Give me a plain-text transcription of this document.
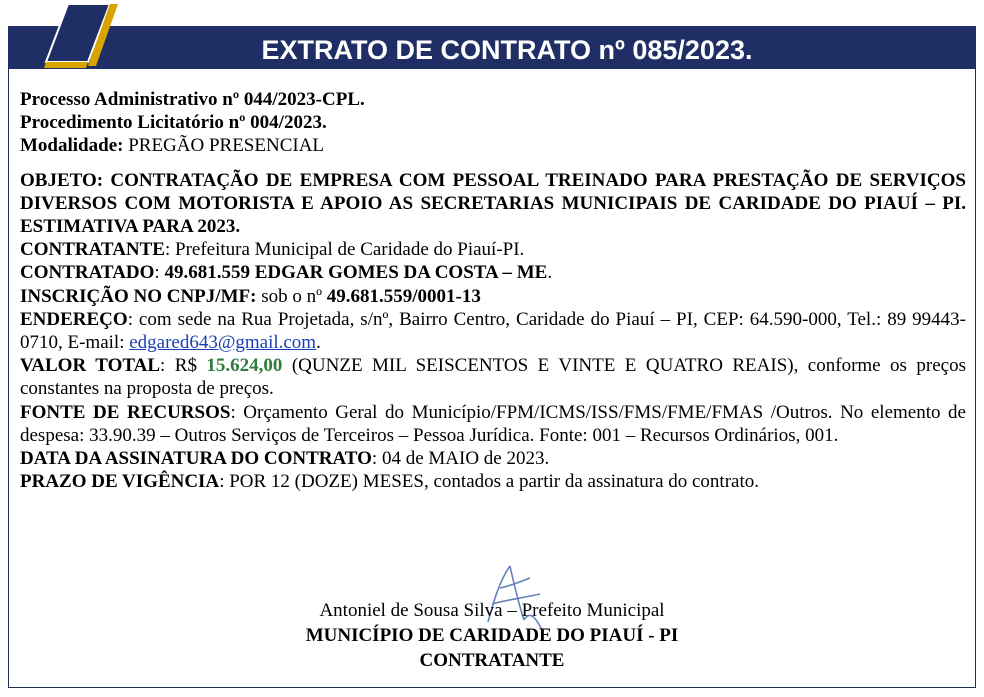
EXTRATO DE CONTRATO nº 085/2023.

Processo Administrativo nº 044/2023-CPL.

Procedimento Licitatório nº 004/2023.

Modalidade: PREGÃO PRESENCIAL

OBJETO: CONTRATAÇÃO DE EMPRESA COM PESSOAL TREINADO PARA PRESTAÇÃO DE SERVIÇOS DIVERSOS COM MOTORISTA E APOIO AS SECRETARIAS MUNICIPAIS DE CARIDADE DO PIAUÍ – PI. ESTIMATIVA PARA 2023.

CONTRATANTE: Prefeitura Municipal de Caridade do Piauí-PI.

CONTRATADO: 49.681.559 EDGAR GOMES DA COSTA – ME.

INSCRIÇÃO NO CNPJ/MF: sob o nº 49.681.559/0001-13

ENDEREÇO: com sede na Rua Projetada, s/nº, Bairro Centro, Caridade do Piauí – PI, CEP: 64.590-000, Tel.: 89 99443-0710, E-mail: edgared643@gmail.com.

VALOR TOTAL: R$ 15.624,00 (QUNZE MIL SEISCENTOS E VINTE E QUATRO REAIS), conforme os preços constantes na proposta de preços.

FONTE DE RECURSOS: Orçamento Geral do Município/FPM/ICMS/ISS/FMS/FME/FMAS /Outros. No elemento de despesa: 33.90.39 – Outros Serviços de Terceiros – Pessoa Jurídica. Fonte: 001 – Recursos Ordinários, 001.

DATA DA ASSINATURA DO CONTRATO: 04 de MAIO de 2023.

PRAZO DE VIGÊNCIA: POR 12 (DOZE) MESES, contados a partir da assinatura do contrato.

Antoniel de Sousa Silva – Prefeito Municipal
MUNICÍPIO DE CARIDADE DO PIAUÍ - PI
CONTRATANTE
